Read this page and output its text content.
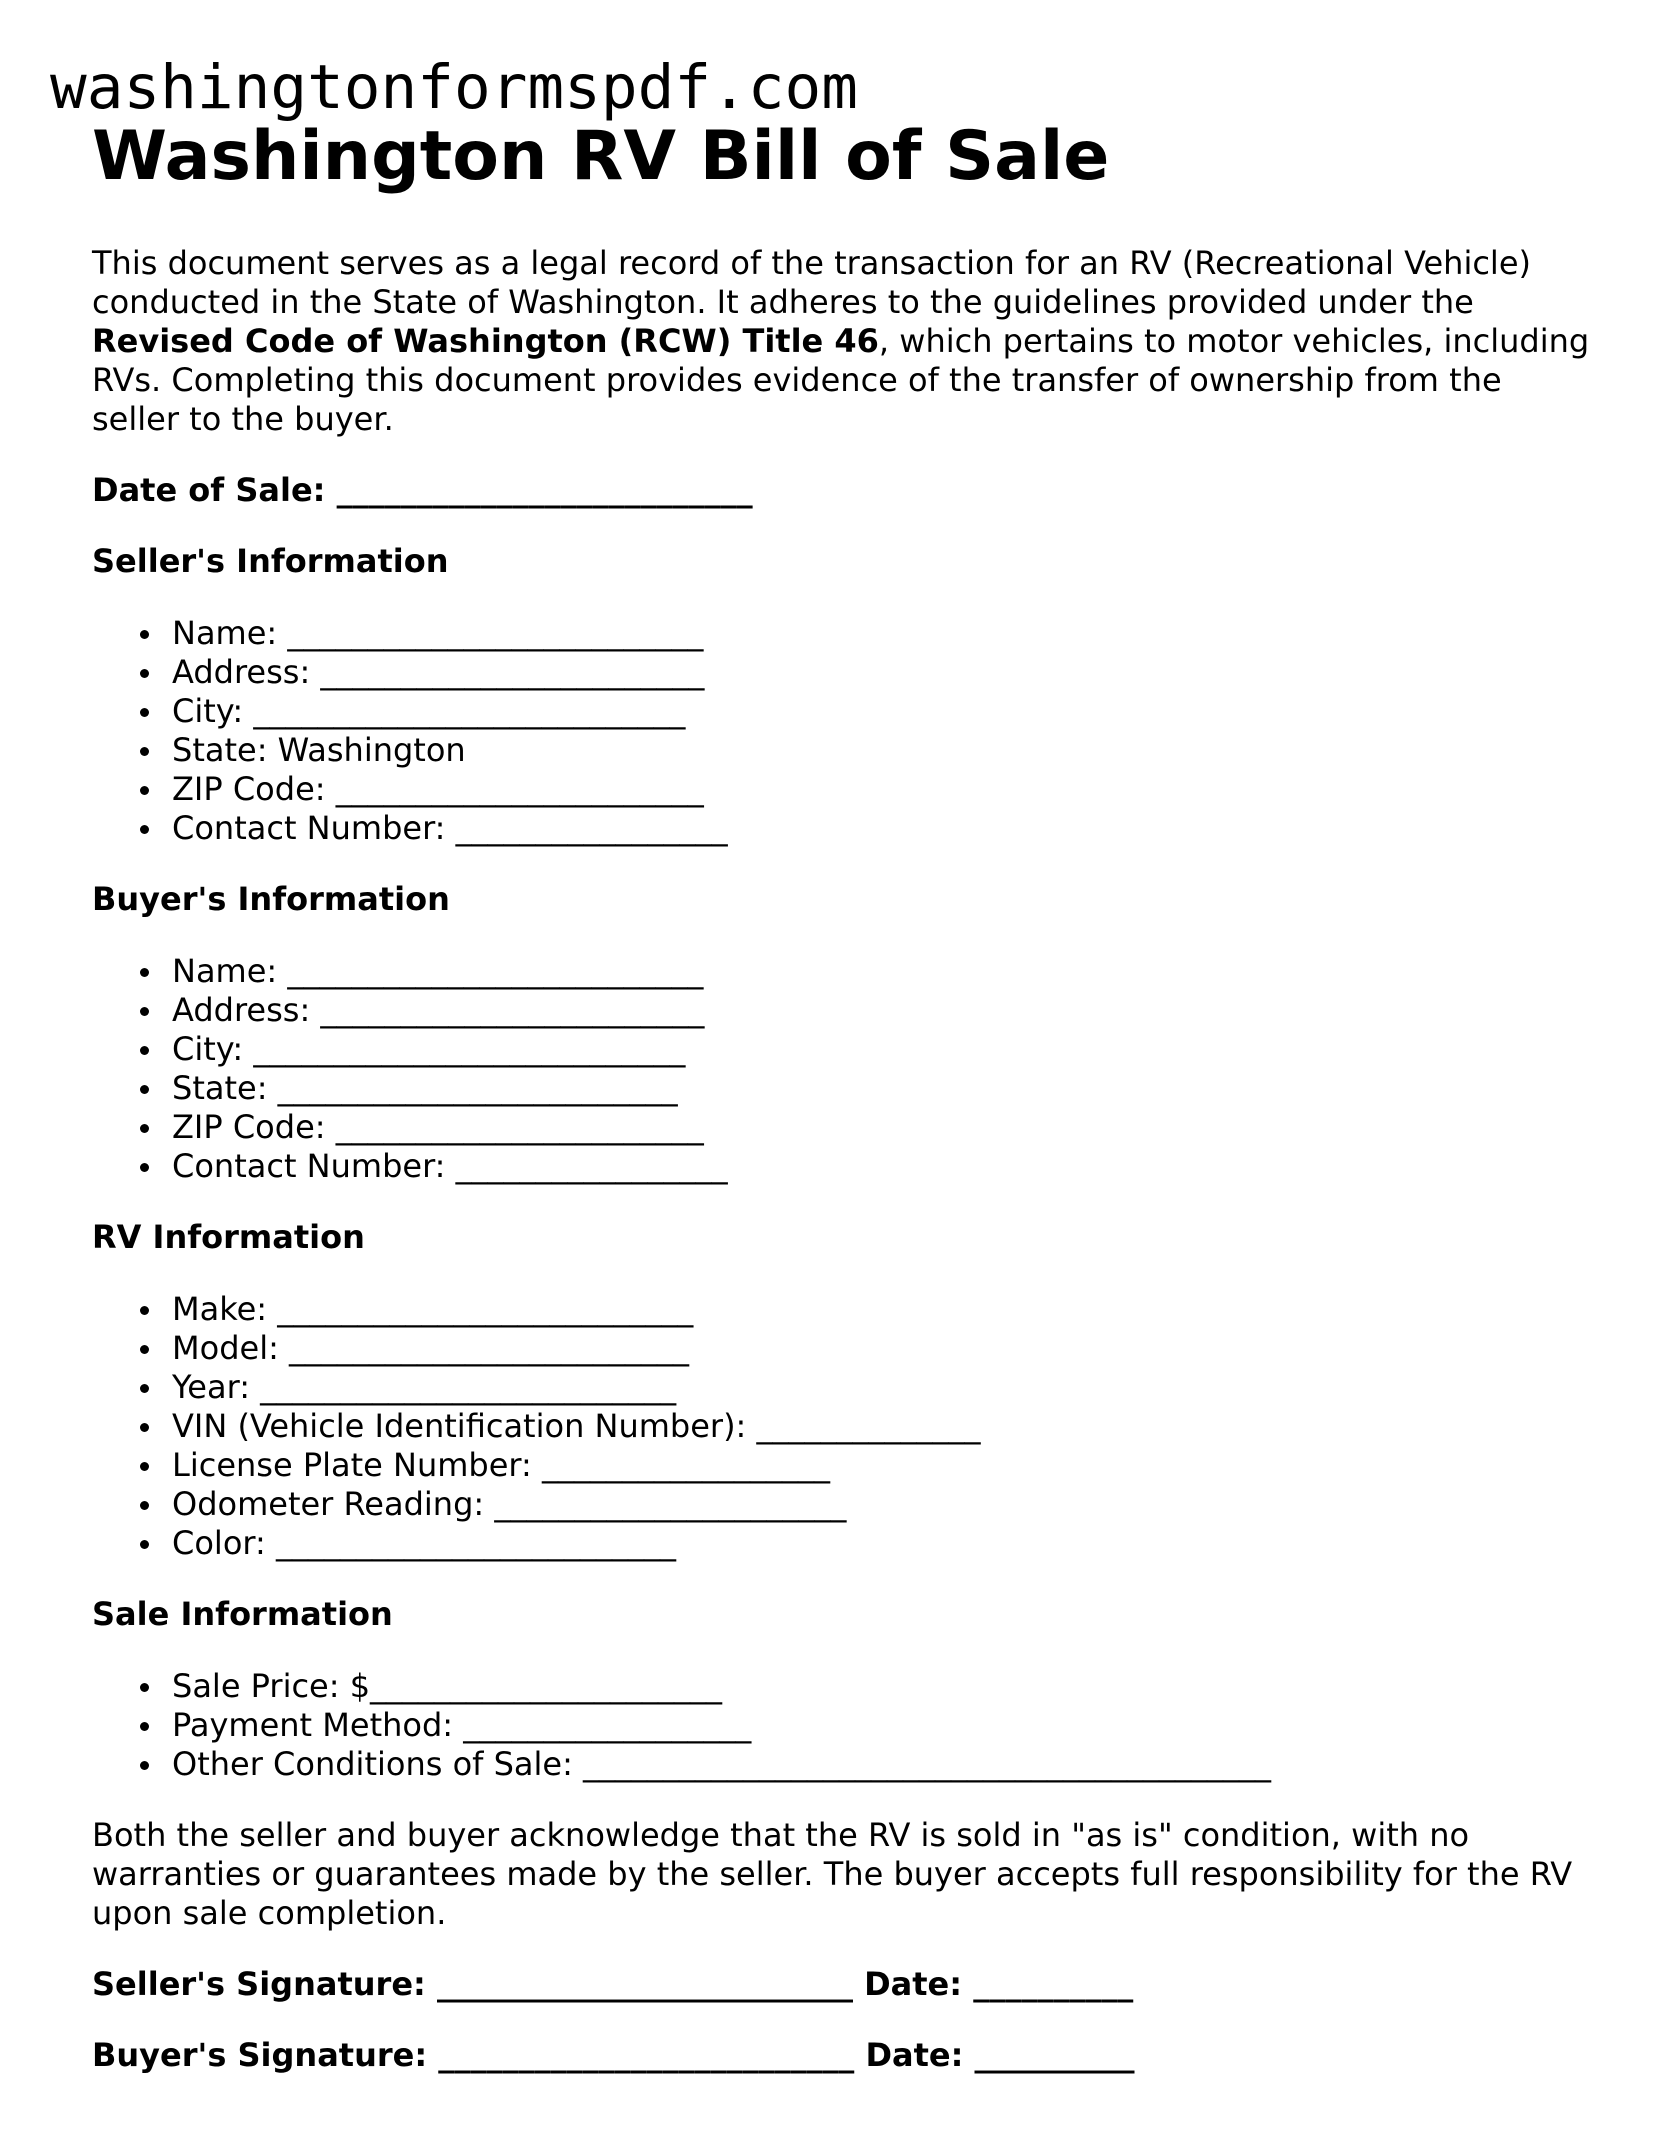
washingtonformspdf.com
Washington RV Bill of Sale

This document serves as a legal record of the transaction for an RV (Recreational Vehicle) conducted in the State of Washington. It adheres to the guidelines provided under the Revised Code of Washington (RCW) Title 46, which pertains to motor vehicles, including RVs. Completing this document provides evidence of the transfer of ownership from the seller to the buyer.

Date of Sale: __________________________
Seller's Information
Name: __________________________
Address: ________________________
City: ___________________________
State: Washington
ZIP Code: _______________________
Contact Number: _________________
Buyer's Information
Name: __________________________
Address: ________________________
City: ___________________________
State: _________________________
ZIP Code: _______________________
Contact Number: _________________
RV Information
Make: __________________________
Model: _________________________
Year: __________________________
VIN (Vehicle Identification Number): ______________
License Plate Number: __________________
Odometer Reading: ______________________
Color: _________________________
Sale Information
Sale Price: $______________________
Payment Method: __________________
Other Conditions of Sale: ___________________________________________

Both the seller and buyer acknowledge that the RV is sold in "as is" condition, with no warranties or guarantees made by the seller. The buyer accepts full responsibility for the RV upon sale completion.

Seller's Signature: __________________________ Date: __________
Buyer's Signature: __________________________ Date: __________
